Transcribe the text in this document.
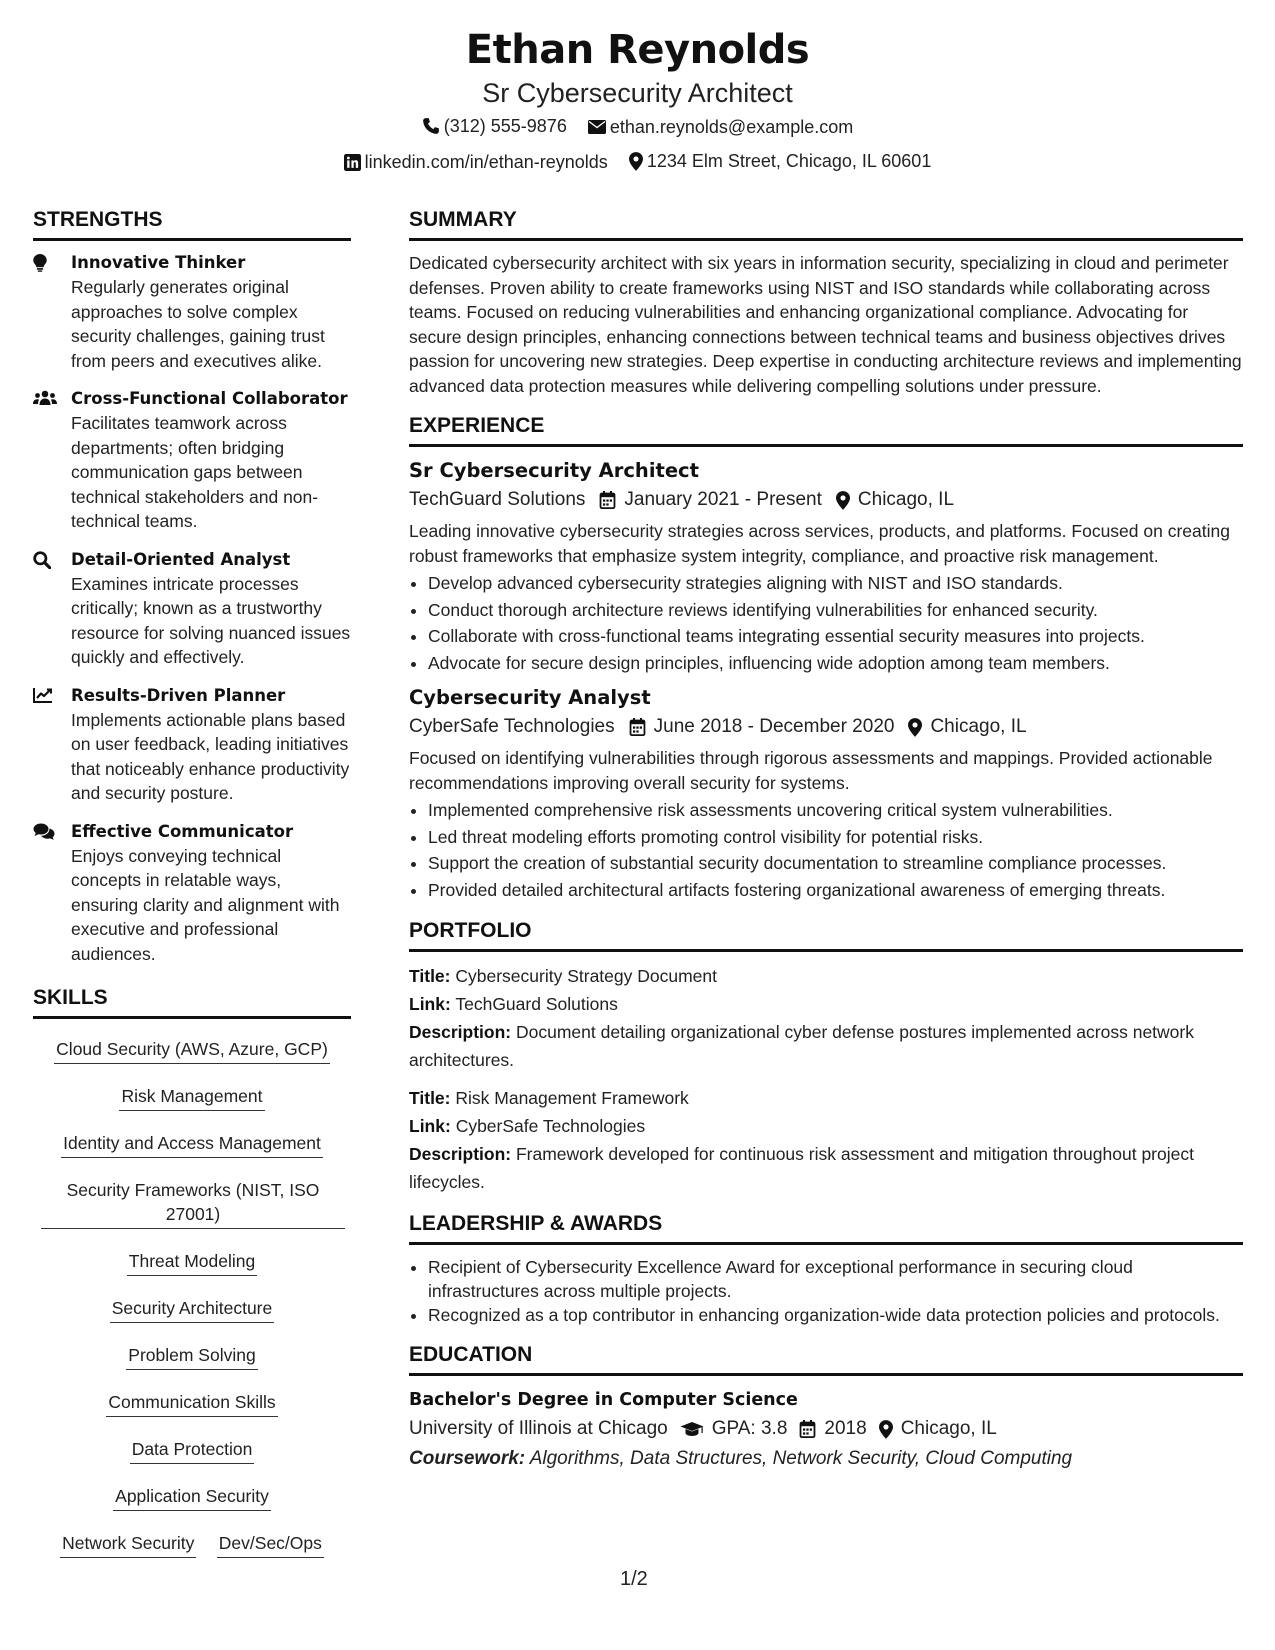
Ethan Reynolds
Sr Cybersecurity Architect
(312) 555-9876
ethan.reynolds@example.com
linkedin.com/in/ethan-reynolds
1234 Elm Street, Chicago, IL 60601
STRENGTHS
Innovative Thinker
Regularly generates original approaches to solve complex security challenges, gaining trust from peers and executives alike.
Cross-Functional Collaborator
Facilitates teamwork across departments; often bridging communication gaps between technical stakeholders and non-technical teams.
Detail-Oriented Analyst
Examines intricate processes critically; known as a trustworthy resource for solving nuanced issues quickly and effectively.
Results-Driven Planner
Implements actionable plans based on user feedback, leading initiatives that noticeably enhance productivity and security posture.
Effective Communicator
Enjoys conveying technical concepts in relatable ways, ensuring clarity and alignment with executive and professional audiences.
SKILLS
Cloud Security (AWS, Azure, GCP) Risk Management Identity and Access Management Security Frameworks (NIST, ISO 27001) Threat Modeling Security Architecture Problem Solving Communication Skills Data Protection Application Security Network Security Dev/Sec/Ops
SUMMARY
Dedicated cybersecurity architect with six years in information security, specializing in cloud and perimeter defenses. Proven ability to create frameworks using NIST and ISO standards while collaborating across teams. Focused on reducing vulnerabilities and enhancing organizational compliance. Advocating for secure design principles, enhancing connections between technical teams and business objectives drives passion for uncovering new strategies. Deep expertise in conducting architecture reviews and implementing advanced data protection measures while delivering compelling solutions under pressure.
EXPERIENCE
Sr Cybersecurity Architect
TechGuard Solutions January 2021 - Present Chicago, IL
Leading innovative cybersecurity strategies across services, products, and platforms. Focused on creating robust frameworks that emphasize system integrity, compliance, and proactive risk management.
• Develop advanced cybersecurity strategies aligning with NIST and ISO standards.
• Conduct thorough architecture reviews identifying vulnerabilities for enhanced security.
• Collaborate with cross-functional teams integrating essential security measures into projects.
• Advocate for secure design principles, influencing wide adoption among team members.
Cybersecurity Analyst
CyberSafe Technologies June 2018 - December 2020 Chicago, IL
Focused on identifying vulnerabilities through rigorous assessments and mappings. Provided actionable recommendations improving overall security for systems.
• Implemented comprehensive risk assessments uncovering critical system vulnerabilities.
• Led threat modeling efforts promoting control visibility for potential risks.
• Support the creation of substantial security documentation to streamline compliance processes.
• Provided detailed architectural artifacts fostering organizational awareness of emerging threats.
PORTFOLIO
Title: Cybersecurity Strategy Document
Link: TechGuard Solutions
Description: Document detailing organizational cyber defense postures implemented across network architectures.
Title: Risk Management Framework
Link: CyberSafe Technologies
Description: Framework developed for continuous risk assessment and mitigation throughout project lifecycles.
LEADERSHIP & AWARDS
• Recipient of Cybersecurity Excellence Award for exceptional performance in securing cloud infrastructures across multiple projects.
• Recognized as a top contributor in enhancing organization-wide data protection policies and protocols.
EDUCATION
Bachelor's Degree in Computer Science
University of Illinois at Chicago GPA: 3.8 2018 Chicago, IL
Coursework: Algorithms, Data Structures, Network Security, Cloud Computing
1/2
